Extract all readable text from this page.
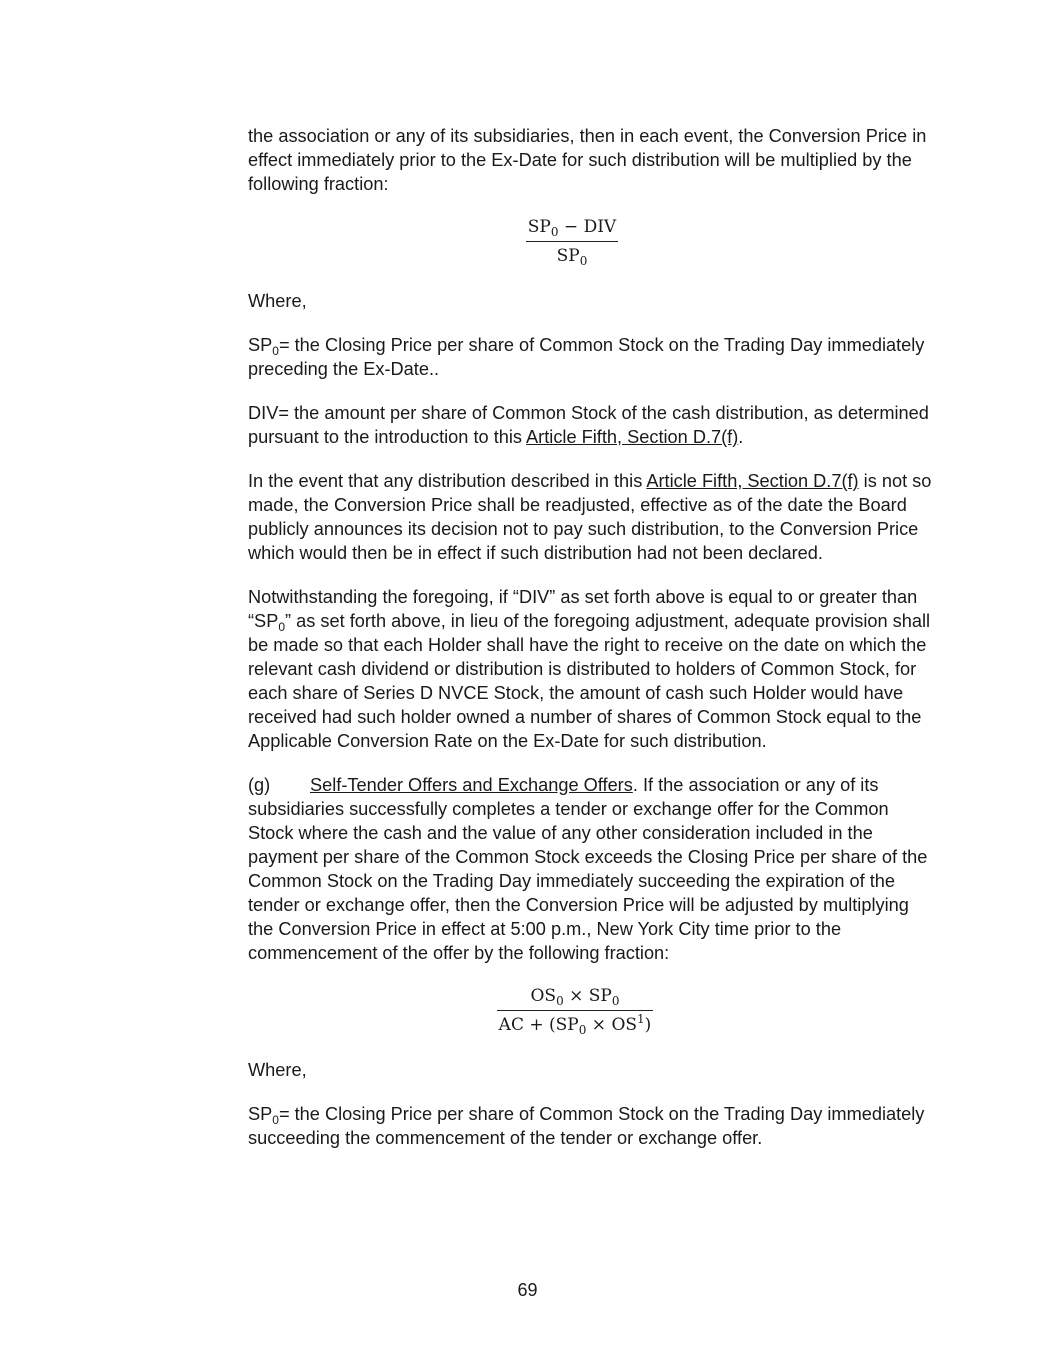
the association or any of its subsidiaries, then in each event, the Conversion Price in effect immediately prior to the Ex-Date for such distribution will be multiplied by the following fraction:

$\frac{SP_0 - DIV}{SP_0}$

Where,

$SP_0=$ the Closing Price per share of Common Stock on the Trading Day immediately preceding the Ex-Date..

DIV= the amount per share of Common Stock of the cash distribution, as determined pursuant to the introduction to this Article Fifth, Section D.7(f).

In the event that any distribution described in this Article Fifth, Section D.7(f) is not so made, the Conversion Price shall be readjusted, effective as of the date the Board publicly announces its decision not to pay such distribution, to the Conversion Price which would then be in effect if such distribution had not been declared.

Notwithstanding the foregoing, if “DIV” as set forth above is equal to or greater than “$SP_0$” as set forth above, in lieu of the foregoing adjustment, adequate provision shall be made so that each Holder shall have the right to receive on the date on which the relevant cash dividend or distribution is distributed to holders of Common Stock, for each share of Series D NVCE Stock, the amount of cash such Holder would have received had such holder owned a number of shares of Common Stock equal to the Applicable Conversion Rate on the Ex-Date for such distribution.

(g) Self-Tender Offers and Exchange Offers. If the association or any of its subsidiaries successfully completes a tender or exchange offer for the Common Stock where the cash and the value of any other consideration included in the payment per share of the Common Stock exceeds the Closing Price per share of the Common Stock on the Trading Day immediately succeeding the expiration of the tender or exchange offer, then the Conversion Price will be adjusted by multiplying the Conversion Price in effect at 5:00 p.m., New York City time prior to the commencement of the offer by the following fraction:

$\frac{OS_0 \times SP_0}{AC + (SP_0 \times OS^1)}$

Where,

$SP_0=$ the Closing Price per share of Common Stock on the Trading Day immediately succeeding the commencement of the tender or exchange offer.

69
